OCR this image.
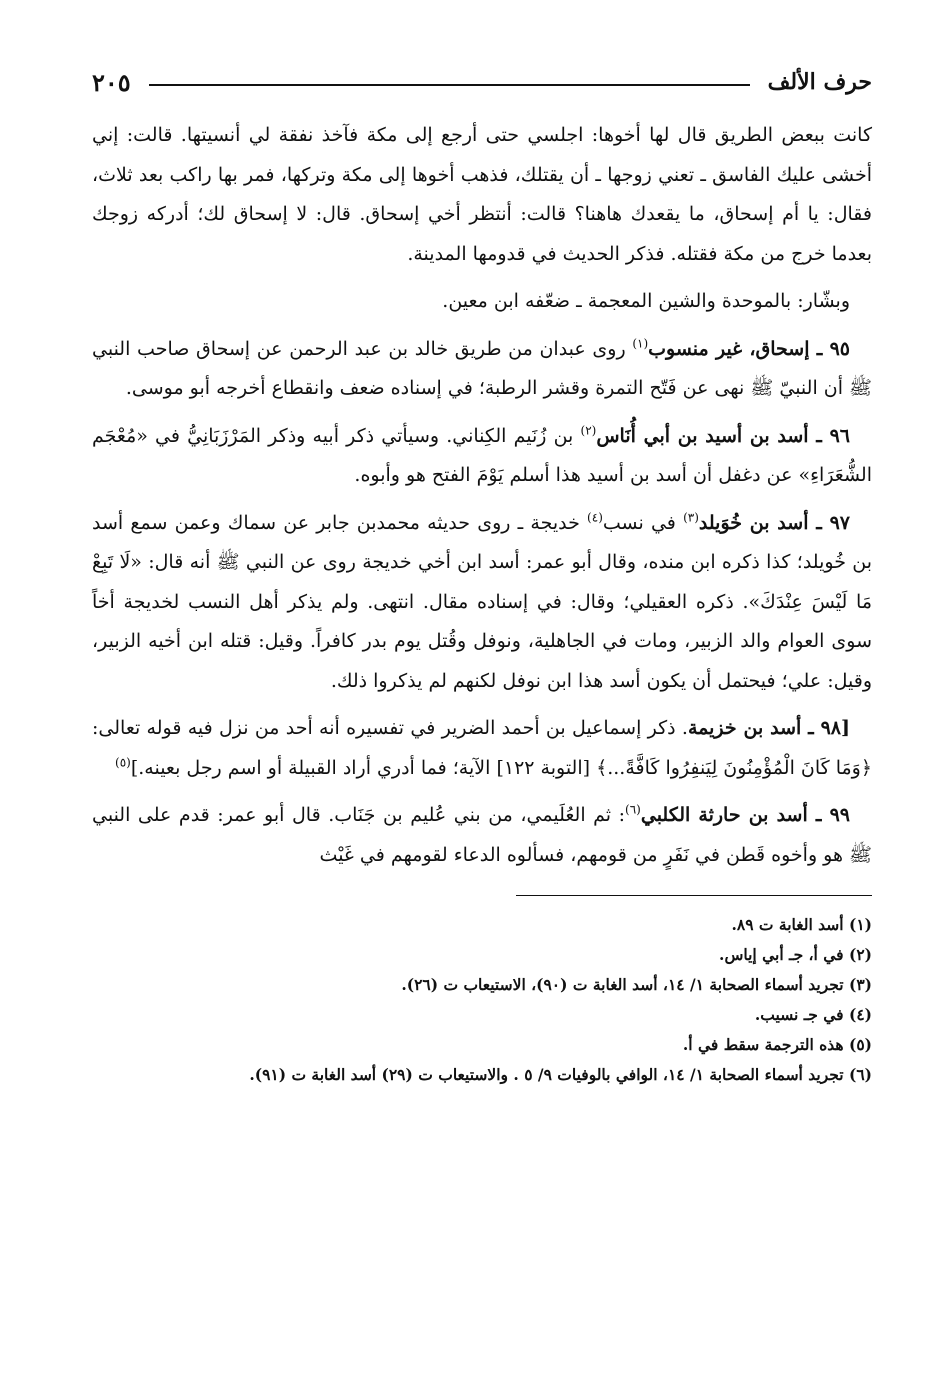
حرف الألف
٢٠٥

كانت ببعض الطريق قال لها أخوها: اجلسي حتى أرجع إلى مكة فآخذ نفقة لي أنسيتها. قالت: إني أخشى عليك الفاسق ـ تعني زوجها ـ أن يقتلك، فذهب أخوها إلى مكة وتركها، فمر بها راكب بعد ثلاث، فقال: يا أم إسحاق، ما يقعدك هاهنا؟ قالت: أنتظر أخي إسحاق. قال: لا إسحاق لك؛ أدركه زوجك بعدما خرج من مكة فقتله. فذكر الحديث في قدومها المدينة.

وبشّار: بالموحدة والشين المعجمة ـ ضعّفه ابن معين.

٩٥ ـ إسحاق، غير منسوب$^{(١)}$ روى عبدان من طريق خالد بن عبد الرحمن عن إسحاق صاحب النبي ﷺ أن النبيّ ﷺ نهى عن فَتّح التمرة وقشر الرطبة؛ في إسناده ضعف وانقطاع أخرجه أبو موسى.

٩٦ ـ أسد بن أسيد بن أبي أُنَاس$^{(٢)}$ بن زُنَيم الكِناني. وسيأتي ذكر أبيه وذكر المَرْزَبَانِيُّ في «مُعْجَم الشُّعَرَاءِ» عن دغفل أن أسد بن أسيد هذا أسلم يَوْمَ الفتح هو وأبوه.

٩٧ ـ أسد بن خُوَيلد$^{(٣)}$ في نسب$^{(٤)}$ خديجة ـ روى حديثه محمدبن جابر عن سماك وعمن سمع أسد بن خُويلد؛ كذا ذكره ابن منده، وقال أبو عمر: أسد ابن أخي خديجة روى عن النبي ﷺ أنه قال: «لَا تَبِعْ مَا لَيْسَ عِنْدَكَ». ذكره العقيلي؛ وقال: في إسناده مقال. انتهى. ولم يذكر أهل النسب لخديجة أخاً سوى العوام والد الزبير، ومات في الجاهلية، ونوفل وقُتل يوم بدر كافراً. وقيل: قتله ابن أخيه الزبير، وقيل: علي؛ فيحتمل أن يكون أسد هذا ابن نوفل لكنهم لم يذكروا ذلك.

[٩٨ ـ أسد بن خزيمة. ذكر إسماعيل بن أحمد الضرير في تفسيره أنه أحد من نزل فيه قوله تعالى: ﴿وَمَا كَانَ الْمُؤْمِنُونَ لِيَنفِرُوا كَافَّةً...﴾ [التوبة ١٢٢] الآية؛ فما أدري أراد القبيلة أو اسم رجل بعينه.]$^{(٥)}$

٩٩ ـ أسد بن حارثة الكلبي$^{(٦)}$: ثم العُلَيمي، من بني عُليم بن جَنَاب. قال أبو عمر: قدم على النبي ﷺ هو وأخوه قَطن في نَفَرٍ من قومهم، فسألوه الدعاء لقومهم في غَيْث

(١) أسد الغابة ت ٨٩.

(٢) في أ، جـ أبي إياس.

(٣) تجريد أسماء الصحابة ١/ ١٤، أسد الغابة ت (٩٠)، الاستيعاب ت (٢٦).

(٤) في جـ نسيب.

(٥) هذه الترجمة سقط في أ.

(٦) تجريد أسماء الصحابة ١/ ١٤، الوافي بالوفيات ٩/ ٥ . والاستيعاب ت (٢٩) أسد الغابة ت (٩١).
